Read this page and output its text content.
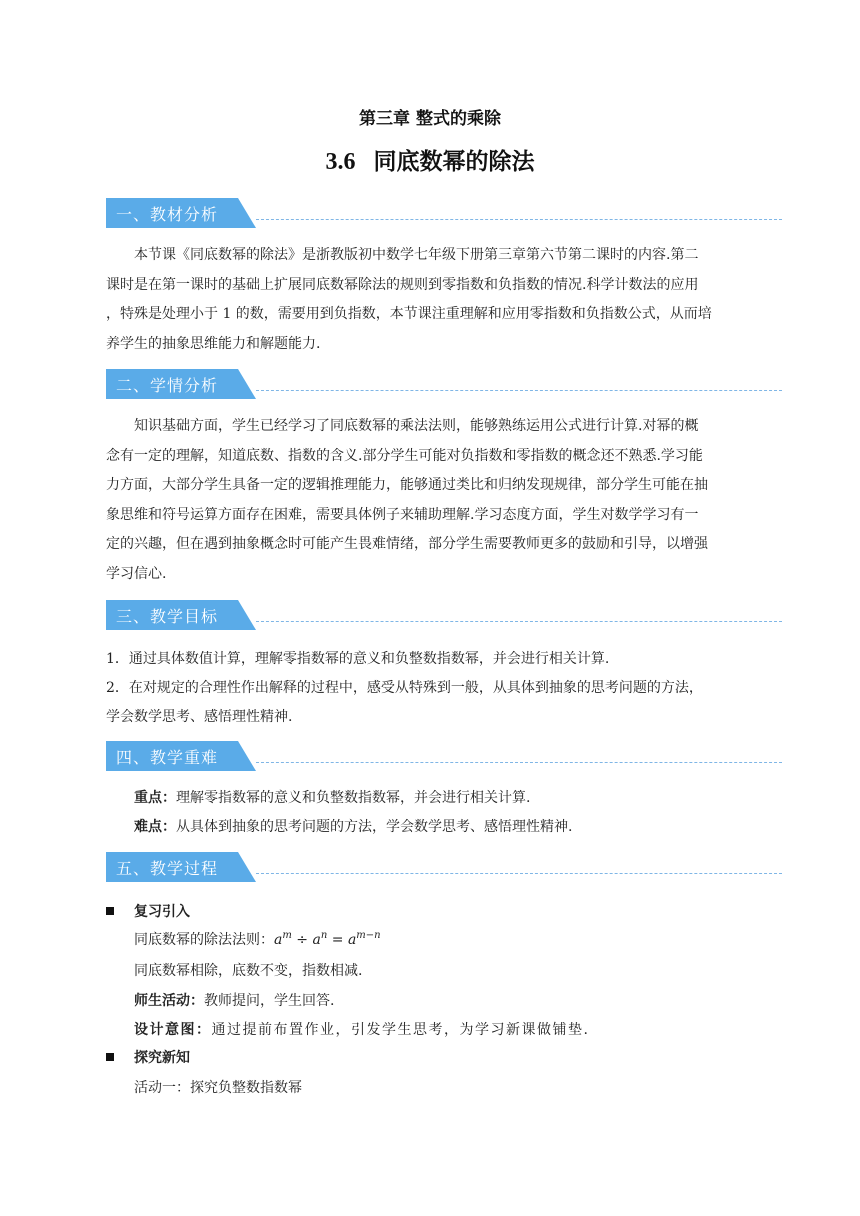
第三章 整式的乘除
3.6 同底数幂的除法
一、教材分析
本节课《同底数幂的除法》是浙教版初中数学七年级下册第三章第六节第二课时的内容.第二
课时是在第一课时的基础上扩展同底数幂除法的规则到零指数和负指数的情况.科学计数法的应用
，特殊是处理小于 1 的数，需要用到负指数，本节课注重理解和应用零指数和负指数公式，从而培
养学生的抽象思维能力和解题能力.
二、学情分析
知识基础方面，学生已经学习了同底数幂的乘法法则，能够熟练运用公式进行计算.对幂的概
念有一定的理解，知道底数、指数的含义.部分学生可能对负指数和零指数的概念还不熟悉.学习能
力方面，大部分学生具备一定的逻辑推理能力，能够通过类比和归纳发现规律，部分学生可能在抽
象思维和符号运算方面存在困难，需要具体例子来辅助理解.学习态度方面，学生对数学学习有一
定的兴趣，但在遇到抽象概念时可能产生畏难情绪，部分学生需要教师更多的鼓励和引导，以增强
学习信心.
三、教学目标
1．通过具体数值计算，理解零指数幂的意义和负整数指数幂，并会进行相关计算.
2．在对规定的合理性作出解释的过程中，感受从特殊到一般，从具体到抽象的思考问题的方法，
学会数学思考、感悟理性精神.
四、教学重难
重点：理解零指数幂的意义和负整数指数幂，并会进行相关计算.
难点：从具体到抽象的思考问题的方法，学会数学思考、感悟理性精神.
五、教学过程
复习引入
同底数幂的除法法则：$a^m \div a^n = a^{m-n}$
同底数幂相除，底数不变，指数相减.
师生活动：教师提问，学生回答.
设计意图：通过提前布置作业，引发学生思考，为学习新课做铺垫.
探究新知
活动一：探究负整数指数幂
